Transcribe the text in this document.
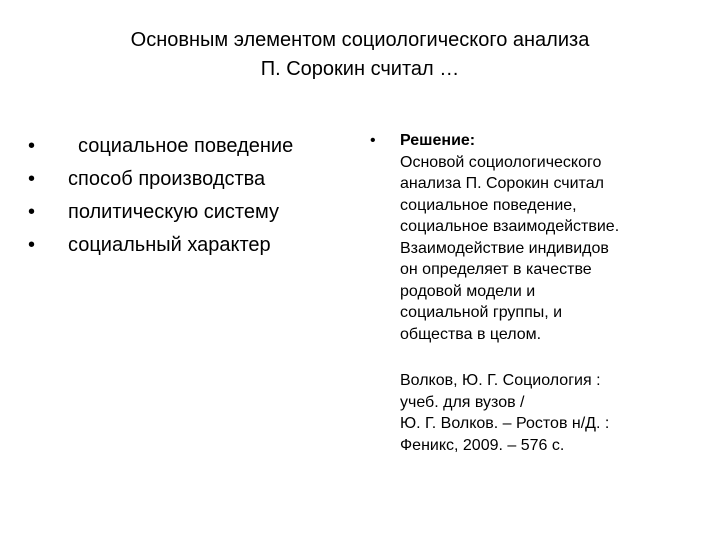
Основным элементом социологического анализа
П. Сорокин считал …
• социальное поведение
• способ производства
• политическую систему
• социальный характер
• Решение:
Основой социологического
анализа П. Сорокин считал
социальное поведение,
социальное взаимодействие.
Взаимодействие индивидов
он определяет в качестве
родовой модели и
социальной группы, и
общества в целом.
Волков, Ю. Г. Социология :
учеб. для вузов /
Ю. Г. Волков. – Ростов н/Д. :
Феникс, 2009. – 576 с.
